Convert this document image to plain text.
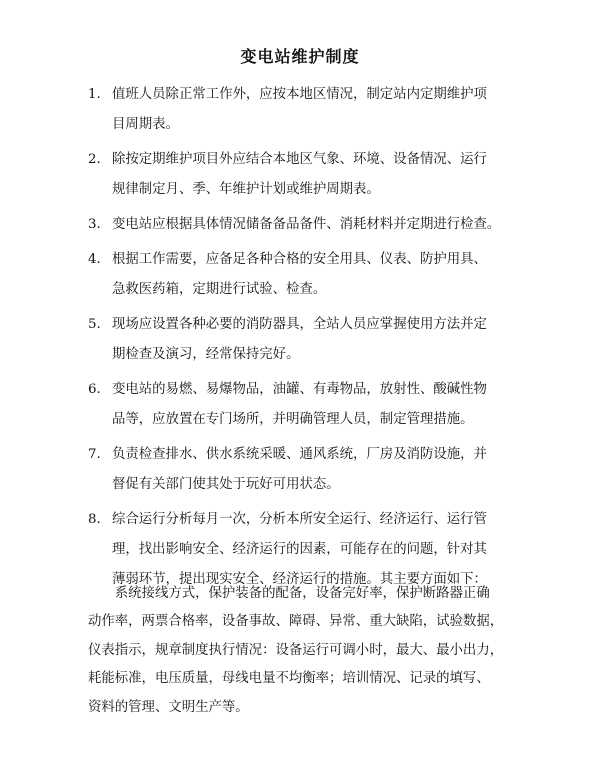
变电站维护制度
1. 值班人员除正常工作外，应按本地区情况，制定站内定期维护项
目周期表。
2. 除按定期维护项目外应结合本地区气象、环境、设备情况、运行
规律制定月、季、年维护计划或维护周期表。
3. 变电站应根据具体情况储备备品备件、消耗材料并定期进行检查。
4. 根据工作需要，应备足各种合格的安全用具、仪表、防护用具、
急救医药箱，定期进行试验、检查。
5. 现场应设置各种必要的消防器具，全站人员应掌握使用方法并定
期检查及演习，经常保持完好。
6. 变电站的易燃、易爆物品，油罐、有毒物品，放射性、酸碱性物
品等，应放置在专门场所，并明确管理人员，制定管理措施。
7. 负责检查排水、供水系统采暖、通风系统，厂房及消防设施，并
督促有关部门使其处于玩好可用状态。
8. 综合运行分析每月一次，分析本所安全运行、经济运行、运行管
理，找出影响安全、经济运行的因素，可能存在的问题，针对其
薄弱环节，提出现实安全、经济运行的措施。其主要方面如下：
　　系统接线方式，保护装备的配备，设备完好率，保护断路器正确
动作率，两票合格率，设备事故、障碍、异常、重大缺陷，试验数据，
仪表指示，规章制度执行情况：设备运行可调小时，最大、最小出力，
耗能标准，电压质量，母线电量不均衡率；培训情况、记录的填写、
资料的管理、文明生产等。
